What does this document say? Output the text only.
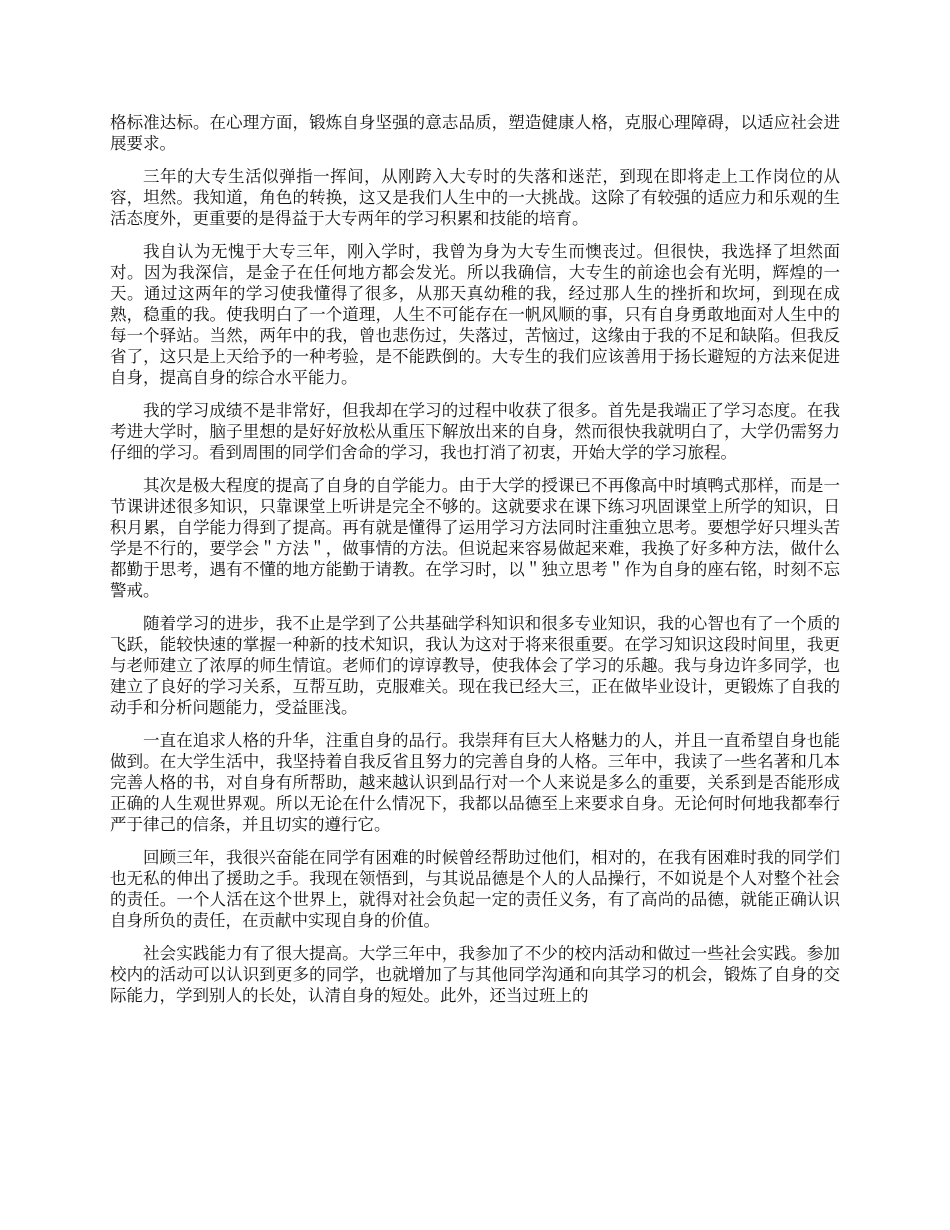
格标准达标。在心理方面，锻炼自身坚强的意志品质，塑造健康人格，克服心理障碍，以适应社会进展要求。

三年的大专生活似弹指一挥间，从刚跨入大专时的失落和迷茫，到现在即将走上工作岗位的从容，坦然。我知道，角色的转换，这又是我们人生中的一大挑战。这除了有较强的适应力和乐观的生活态度外，更重要的是得益于大专两年的学习积累和技能的培育。

我自认为无愧于大专三年，刚入学时，我曾为身为大专生而懊丧过。但很快，我选择了坦然面对。因为我深信，是金子在任何地方都会发光。所以我确信，大专生的前途也会有光明，辉煌的一天。通过这两年的学习使我懂得了很多，从那天真幼稚的我，经过那人生的挫折和坎坷，到现在成熟，稳重的我。使我明白了一个道理，人生不可能存在一帆风顺的事，只有自身勇敢地面对人生中的每一个驿站。当然，两年中的我，曾也悲伤过，失落过，苦恼过，这缘由于我的不足和缺陷。但我反省了，这只是上天给予的一种考验，是不能跌倒的。大专生的我们应该善用于扬长避短的方法来促进自身，提高自身的综合水平能力。

我的学习成绩不是非常好，但我却在学习的过程中收获了很多。首先是我端正了学习态度。在我考进大学时，脑子里想的是好好放松从重压下解放出来的自身，然而很快我就明白了，大学仍需努力仔细的学习。看到周围的同学们舍命的学习，我也打消了初衷，开始大学的学习旅程。

其次是极大程度的提高了自身的自学能力。由于大学的授课已不再像高中时填鸭式那样，而是一节课讲述很多知识，只靠课堂上听讲是完全不够的。这就要求在课下练习巩固课堂上所学的知识，日积月累，自学能力得到了提高。再有就是懂得了运用学习方法同时注重独立思考。要想学好只埋头苦学是不行的，要学会＂方法＂，做事情的方法。但说起来容易做起来难，我换了好多种方法，做什么都勤于思考，遇有不懂的地方能勤于请教。在学习时，以＂独立思考＂作为自身的座右铭，时刻不忘警戒。

随着学习的进步，我不止是学到了公共基础学科知识和很多专业知识，我的心智也有了一个质的飞跃，能较快速的掌握一种新的技术知识，我认为这对于将来很重要。在学习知识这段时间里，我更与老师建立了浓厚的师生情谊。老师们的谆谆教导，使我体会了学习的乐趣。我与身边许多同学，也建立了良好的学习关系，互帮互助，克服难关。现在我已经大三，正在做毕业设计，更锻炼了自我的动手和分析问题能力，受益匪浅。

一直在追求人格的升华，注重自身的品行。我崇拜有巨大人格魅力的人，并且一直希望自身也能做到。在大学生活中，我坚持着自我反省且努力的完善自身的人格。三年中，我读了一些名著和几本完善人格的书，对自身有所帮助，越来越认识到品行对一个人来说是多么的重要，关系到是否能形成正确的人生观世界观。所以无论在什么情况下，我都以品德至上来要求自身。无论何时何地我都奉行严于律己的信条，并且切实的遵行它。

回顾三年，我很兴奋能在同学有困难的时候曾经帮助过他们，相对的，在我有困难时我的同学们也无私的伸出了援助之手。我现在领悟到，与其说品德是个人的人品操行，不如说是个人对整个社会的责任。一个人活在这个世界上，就得对社会负起一定的责任义务，有了高尚的品德，就能正确认识自身所负的责任，在贡献中实现自身的价值。

社会实践能力有了很大提高。大学三年中，我参加了不少的校内活动和做过一些社会实践。参加校内的活动可以认识到更多的同学，也就增加了与其他同学沟通和向其学习的机会，锻炼了自身的交际能力，学到别人的长处，认清自身的短处。此外，还当过班上的
